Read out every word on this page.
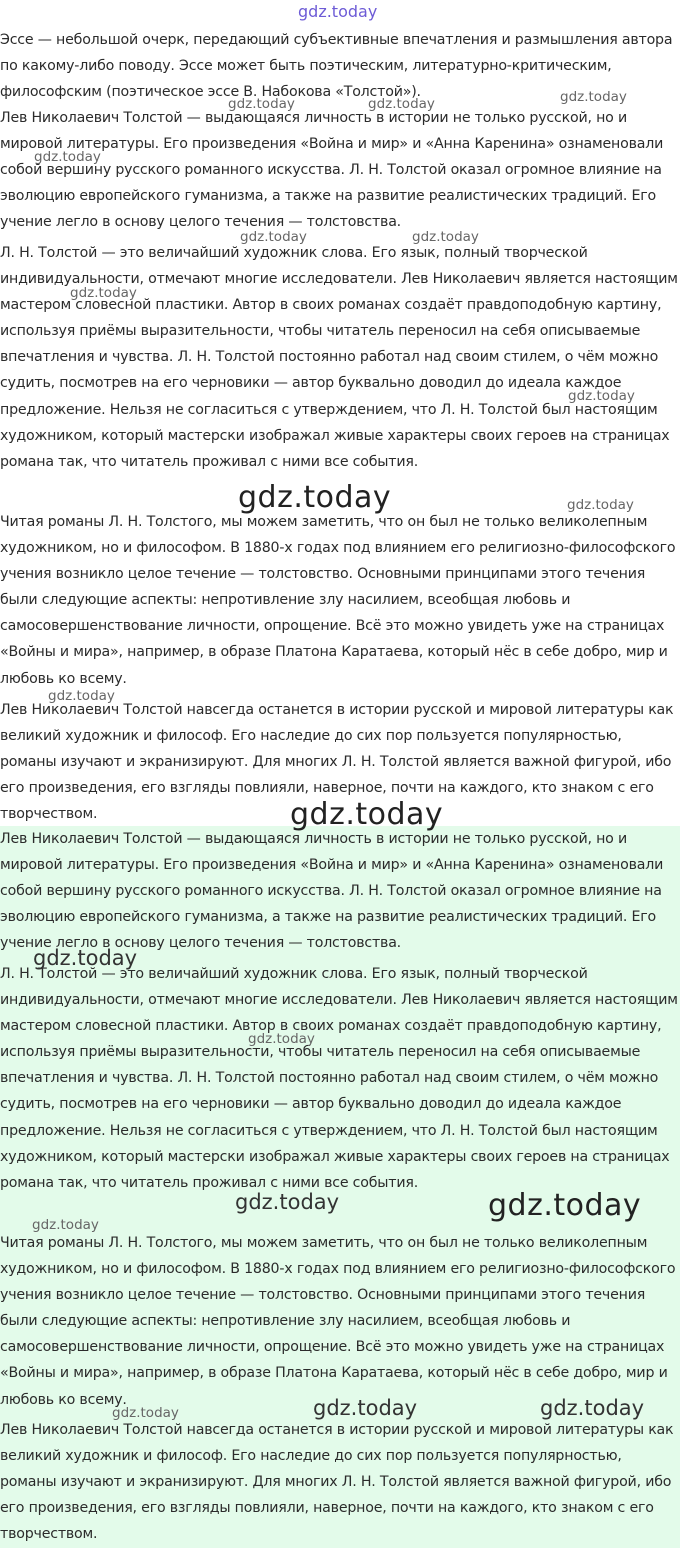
Эссе — небольшой очерк, передающий субъективные впечатления и размышления автора по какому-либо поводу. Эссе может быть поэтическим, литературно-критическим, философским (поэтическое эссе В. Набокова «Толстой»).

Лев Николаевич Толстой — выдающаяся личность в истории не только русской, но и мировой литературы. Его произведения «Война и мир» и «Анна Каренина» ознаменовали собой вершину русского романного искусства. Л. Н. Толстой оказал огромное влияние на эволюцию европейского гуманизма, а также на развитие реалистических традиций. Его учение легло в основу целого течения — толстовства.

Л. Н. Толстой — это величайший художник слова. Его язык, полный творческой индивидуальности, отмечают многие исследователи. Лев Николаевич является настоящим мастером словесной пластики. Автор в своих романах создаёт правдоподобную картину, используя приёмы выразительности, чтобы читатель переносил на себя описываемые впечатления и чувства. Л. Н. Толстой постоянно работал над своим стилем, о чём можно судить, посмотрев на его черновики — автор буквально доводил до идеала каждое предложение. Нельзя не согласиться с утверждением, что Л. Н. Толстой был настоящим художником, который мастерски изображал живые характеры своих героев на страницах романа так, что читатель проживал с ними все события.

Читая романы Л. Н. Толстого, мы можем заметить, что он был не только великолепным художником, но и философом. В 1880-х годах под влиянием его религиозно-философского учения возникло целое течение — толстовство. Основными принципами этого течения были следующие аспекты: непротивление злу насилием, всеобщая любовь и самосовершенствование личности, опрощение. Всё это можно увидеть уже на страницах «Войны и мира», например, в образе Платона Каратаева, который нёс в себе добро, мир и любовь ко всему.

Лев Николаевич Толстой навсегда останется в истории русской и мировой литературы как великий художник и философ. Его наследие до сих пор пользуется популярностью, романы изучают и экранизируют. Для многих Л. Н. Толстой является важной фигурой, ибо его произведения, его взгляды повлияли, наверное, почти на каждого, кто знаком с его творчеством.

Лев Николаевич Толстой — выдающаяся личность в истории не только русской, но и мировой литературы. Его произведения «Война и мир» и «Анна Каренина» ознаменовали собой вершину русского романного искусства. Л. Н. Толстой оказал огромное влияние на эволюцию европейского гуманизма, а также на развитие реалистических традиций. Его учение легло в основу целого течения — толстовства.

Л. Н. Толстой — это величайший художник слова. Его язык, полный творческой индивидуальности, отмечают многие исследователи. Лев Николаевич является настоящим мастером словесной пластики. Автор в своих романах создаёт правдоподобную картину, используя приёмы выразительности, чтобы читатель переносил на себя описываемые впечатления и чувства. Л. Н. Толстой постоянно работал над своим стилем, о чём можно судить, посмотрев на его черновики — автор буквально доводил до идеала каждое предложение. Нельзя не согласиться с утверждением, что Л. Н. Толстой был настоящим художником, который мастерски изображал живые характеры своих героев на страницах романа так, что читатель проживал с ними все события.

Читая романы Л. Н. Толстого, мы можем заметить, что он был не только великолепным художником, но и философом. В 1880-х годах под влиянием его религиозно-философского учения возникло целое течение — толстовство. Основными принципами этого течения были следующие аспекты: непротивление злу насилием, всеобщая любовь и самосовершенствование личности, опрощение. Всё это можно увидеть уже на страницах «Войны и мира», например, в образе Платона Каратаева, который нёс в себе добро, мир и любовь ко всему.

Лев Николаевич Толстой навсегда останется в истории русской и мировой литературы как великий художник и философ. Его наследие до сих пор пользуется популярностью, романы изучают и экранизируют. Для многих Л. Н. Толстой является важной фигурой, ибо его произведения, его взгляды повлияли, наверное, почти на каждого, кто знаком с его творчеством.

gdz.today
gdz.today	gdz.today	gdz.today
gdz.today
gdz.today	gdz.today
gdz.today
gdz.today
gdz.today	gdz.today
gdz.today
gdz.today
gdz.today
gdz.today
gdz.today	gdz.today
gdz.today
gdz.today	gdz.today
gdz.today
